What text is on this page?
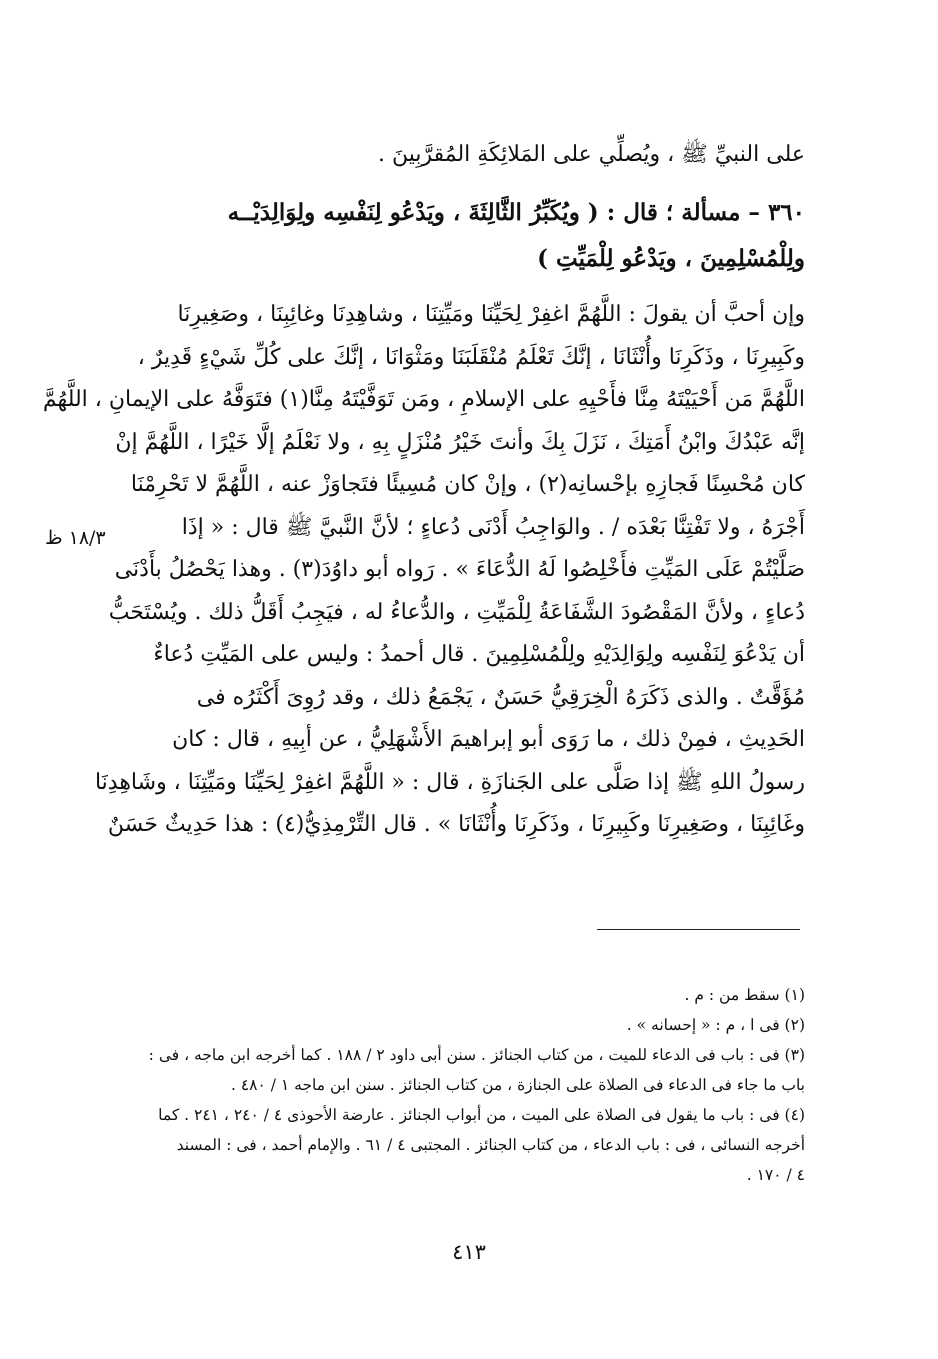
على النبيِّ ﷺ ، ويُصلِّي على المَلائِكَةِ المُقرَّبِينَ .
٣٦٠ – مسألة ؛ قال : ( ويُكَبِّرُ الثَّالِثَةَ ، ويَدْعُو لِنَفْسِه ولِوَالِدَيْــه
ولِلْمُسْلِمِينَ ، ويَدْعُو لِلْمَيِّتِ )
وإن أحبَّ أن يقولَ : اللَّهُمَّ اغفِرْ لِحَيِّنَا ومَيِّتِنَا ، وشاهِدِنَا وغائِبِنَا ، وصَغِيرِنَا
وكَبِيرِنَا ، وذَكَرِنَا وأُنْثَانَا ، إنَّكَ تَعْلَمُ مُنْقَلَبَنَا ومَثْوَانَا ، إنَّكَ على كُلِّ شَيْءٍ قَدِيرٌ ،
اللَّهُمَّ مَن أَحْيَيْتَهُ مِنَّا فأَحْيِهِ على الإسلامِ ، ومَن تَوَفَّيْتَهُ مِنَّا(١) فتَوَفَّهُ على الإيمانِ ، اللَّهُمَّ
إنَّه عَبْدُكَ وابْنُ أَمَتِكَ ، نَزَلَ بِكَ وأنتَ خَيْرُ مُنْزَلٍ بِهِ ، ولا نَعْلَمُ إلَّا خَيْرًا ، اللَّهُمَّ إنْ
كان مُحْسِنًا فَجازِهِ بإحْسانِه(٢) ، وإنْ كان مُسِيئًا فتَجاوَزْ عنه ، اللَّهُمَّ لا تَحْرِمْنَا
أَجْرَهُ ، ولا تَفْتِنَّا بَعْدَه / . والوَاجِبُ أَدْنَى دُعاءٍ ؛ لأنَّ النَّبيَّ ﷺ قال : « إذَا
صَلَّيْتُمْ عَلَى المَيِّتِ فأَخْلِصُوا لَهُ الدُّعَاءَ » . رَواه أبو داوُدَ(٣) . وهذا يَحْصُلُ بأَدْنَى
دُعاءٍ ، ولأنَّ المَقْصُودَ الشَّفَاعَةُ لِلْمَيِّتِ ، والدُّعاءُ له ، فيَجِبُ أَقَلُّ ذلك . ويُسْتَحَبُّ
أن يَدْعُوَ لِنَفْسِه ولِوَالِدَيْهِ ولِلْمُسْلِمِينَ . قال أحمدُ : وليس على المَيِّتِ دُعاءٌ
مُؤَقَّتٌ . والذى ذَكَرَهُ الْخِرَقِيُّ حَسَنٌ ، يَجْمَعُ ذلك ، وقد رُوِىَ أَكْثَرُه فى
الحَدِيثِ ، فمِنْ ذلك ، ما رَوَى أبو إبراهيمَ الأَشْهَلِيُّ ، عن أبِيهِ ، قال : كان
رسولُ اللهِ ﷺ إذا صَلَّى على الجَنازَةِ ، قال : « اللَّهُمَّ اغفِرْ لِحَيِّنَا ومَيِّتِنَا ، وشَاهِدِنَا
وغَائِبِنَا ، وصَغِيرِنَا وكَبِيرِنَا ، وذَكَرِنَا وأُنْثَانَا » . قال التِّرْمِذِيُّ(٤) : هذا حَدِيثٌ حَسَنٌ
١٨/٣ ظ
(١) سقط من : م .
(٢) فى ا ، م : « إحسانه » .
(٣) فى : باب فى الدعاء للميت ، من كتاب الجنائز . سنن أبى داود ٢ / ١٨٨ . كما أخرجه ابن ماجه ، فى :
باب ما جاء فى الدعاء فى الصلاة على الجنازة ، من كتاب الجنائز . سنن ابن ماجه ١ / ٤٨٠ .
(٤) فى : باب ما يقول فى الصلاة على الميت ، من أبواب الجنائز . عارضة الأحوذى ٤ / ٢٤٠ ، ٢٤١ . كما
أخرجه النسائى ، فى : باب الدعاء ، من كتاب الجنائز . المجتبى ٤ / ٦١ . والإمام أحمد ، فى : المسند
٤ / ١٧٠ .
٤١٣
